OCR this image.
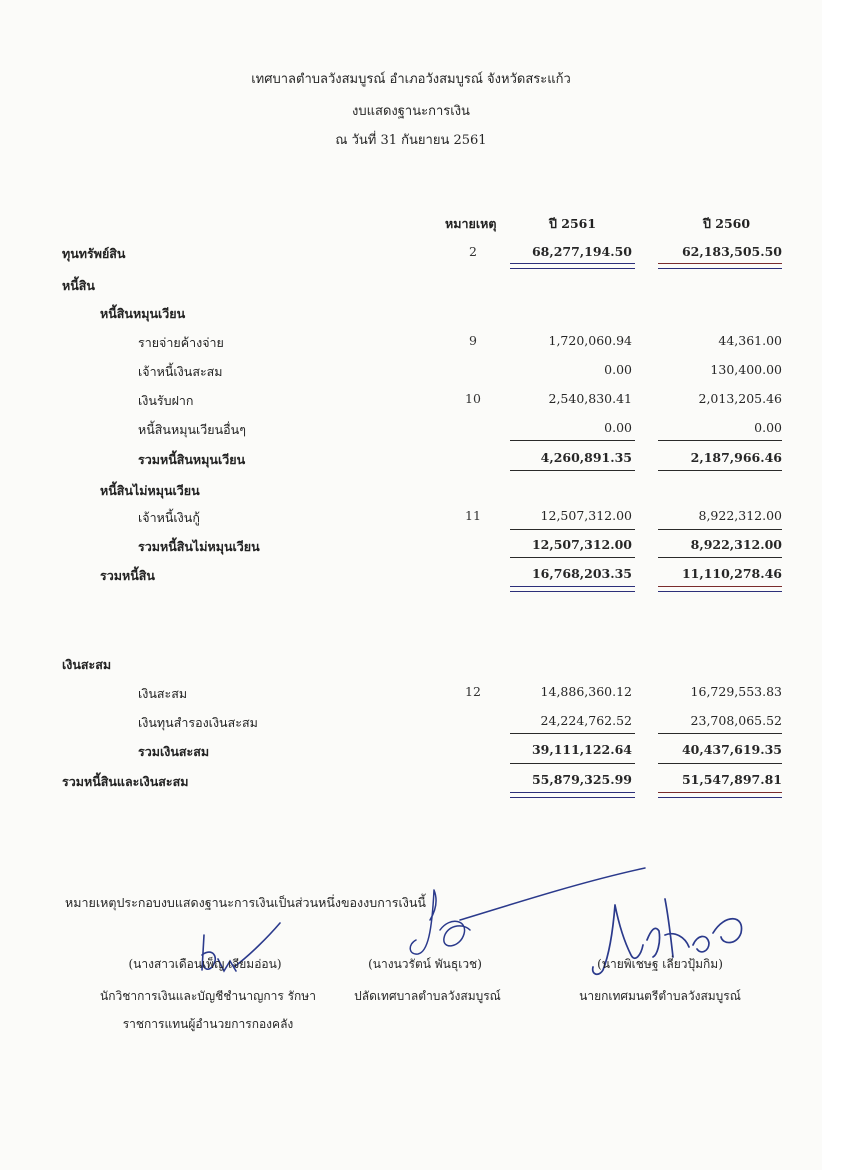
เทศบาลตำบลวังสมบูรณ์ อำเภอวังสมบูรณ์ จังหวัดสระแก้ว
งบแสดงฐานะการเงิน
ณ วันที่ 31 กันยายน 2561
หมายเหตุ	ปี 2561	ปี 2560
ทุนทรัพย์สิน	2	68,277,194.50	62,183,505.50
หนี้สิน
หนี้สินหมุนเวียน
รายจ่ายค้างจ่าย	9	1,720,060.94	44,361.00
เจ้าหนี้เงินสะสม	0.00	130,400.00
เงินรับฝาก	10	2,540,830.41	2,013,205.46
หนี้สินหมุนเวียนอื่นๆ	0.00	0.00
รวมหนี้สินหมุนเวียน	4,260,891.35	2,187,966.46
หนี้สินไม่หมุนเวียน
เจ้าหนี้เงินกู้	11	12,507,312.00	8,922,312.00
รวมหนี้สินไม่หมุนเวียน	12,507,312.00	8,922,312.00
รวมหนี้สิน	16,768,203.35	11,110,278.46
เงินสะสม
เงินสะสม	12	14,886,360.12	16,729,553.83
เงินทุนสำรองเงินสะสม	24,224,762.52	23,708,065.52
รวมเงินสะสม	39,111,122.64	40,437,619.35
รวมหนี้สินและเงินสะสม	55,879,325.99	51,547,897.81
หมายเหตุประกอบงบแสดงฐานะการเงินเป็นส่วนหนึ่งของงบการเงินนี้
(นางสาวเดือนเพ็ญ เจียมอ่อน)
นักวิชาการเงินและบัญชีชำนาญการ รักษา
ราชการแทนผู้อำนวยการกองคลัง
(นางนวรัตน์ พันธุเวช)
ปลัดเทศบาลตำบลวังสมบูรณ์
(นายพิเชษฐ เลี่ยวปุ้มกิม)
นายกเทศมนตรีตำบลวังสมบูรณ์
